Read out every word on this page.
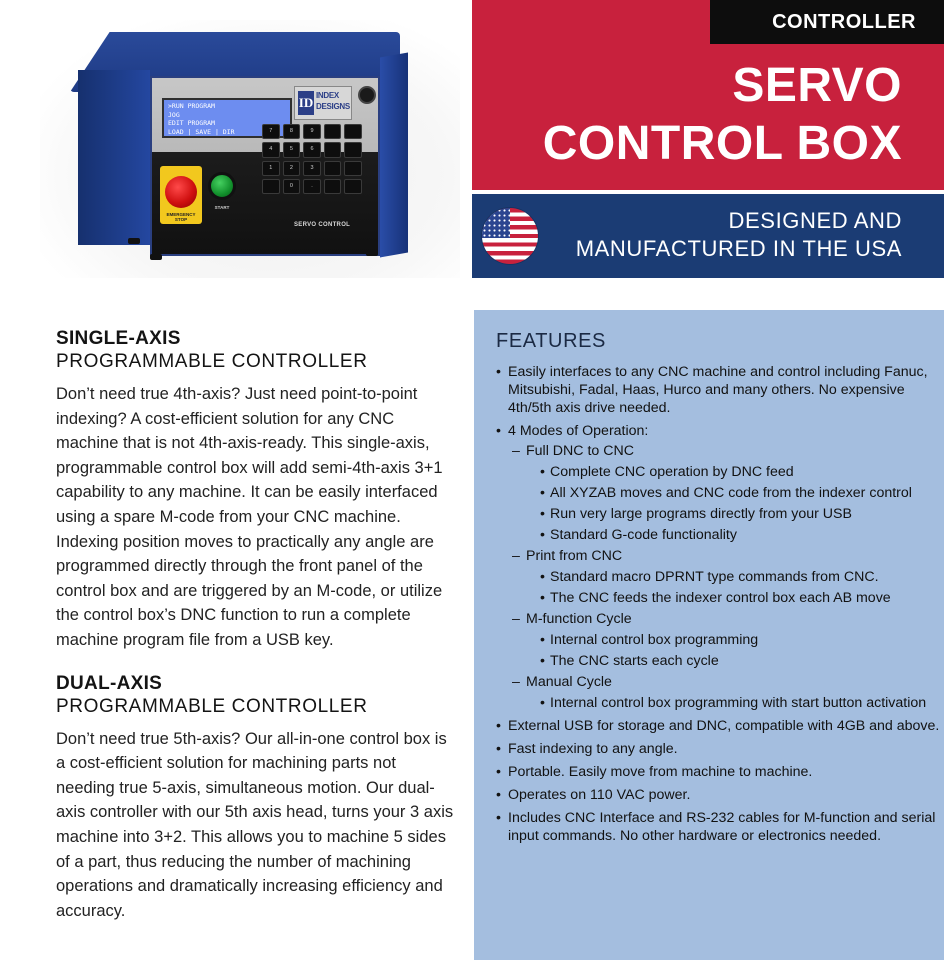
>RUN PROGRAM
JOG
EDIT PROGRAM
LOAD | SAVE | DIR
ID INDEX DESIGNS
7	8	9
4	5	6
1	2	3
0	.
EMERGENCY STOP
START
SERVO CONTROL
CONTROLLER
SERVO
CONTROL BOX
DESIGNED AND
MANUFACTURED IN THE USA
SINGLE-AXIS
PROGRAMMABLE CONTROLLER

Don’t need true 4th-axis? Just need point-to-point indexing? A cost-efficient solution for any CNC machine that is not 4th-axis-ready. This single-axis, programmable control box will add semi-4th-axis 3+1 capability to any machine. It can be easily interfaced using a spare M-code from your CNC machine. Indexing position moves to practically any angle are programmed directly through the front panel of the control box and are triggered by an M-code, or utilize the control box’s DNC function to run a complete machine program file from a USB key.

DUAL-AXIS
PROGRAMMABLE CONTROLLER

Don’t need true 5th-axis? Our all-in-one control box is a cost-efficient solution for machining parts not needing true 5-axis, simultaneous motion. Our dual-axis controller with our 5th axis head, turns your 3 axis machine into 3+2. This allows you to machine 5 sides of a part, thus reducing the number of machining operations and dramatically increasing efficiency and accuracy.

FEATURES
• Easily interfaces to any CNC machine and control including Fanuc, Mitsubishi, Fadal, Haas, Hurco and many others. No expensive 4th/5th axis drive needed.
• 4 Modes of Operation:
– Full DNC to CNC
• Complete CNC operation by DNC feed
• All XYZAB moves and CNC code from the indexer control
• Run very large programs directly from your USB
• Standard G-code functionality
– Print from CNC
• Standard macro DPRNT type commands from CNC.
• The CNC feeds the indexer control box each AB move
– M-function Cycle
• Internal control box programming
• The CNC starts each cycle
– Manual Cycle
• Internal control box programming with start button activation
• External USB for storage and DNC, compatible with 4GB and above.
• Fast indexing to any angle.
• Portable. Easily move from machine to machine.
• Operates on 110 VAC power.
• Includes CNC Interface and RS-232 cables for M-function and serial input commands. No other hardware or electronics needed.
